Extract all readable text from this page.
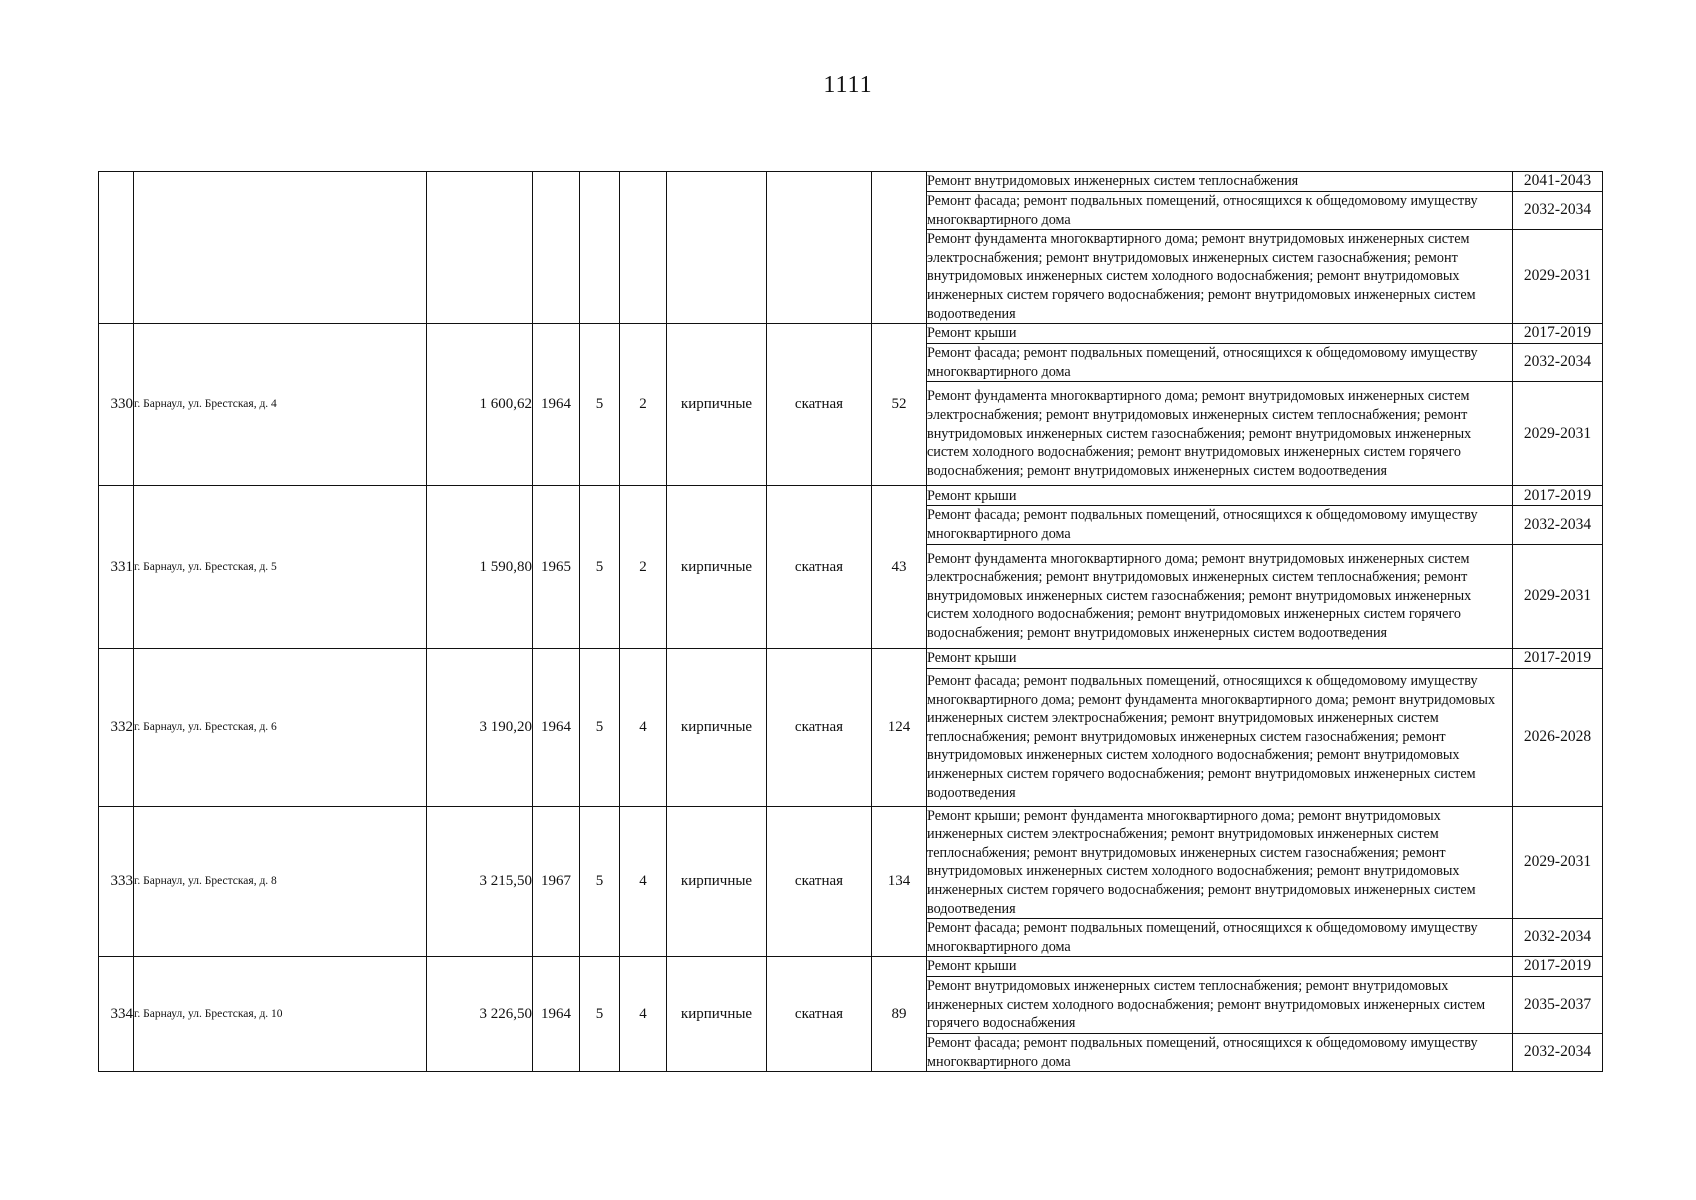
1111
									Ремонт внутридомовых инженерных систем теплоснабжения	2041-2043
									Ремонт фасада; ремонт подвальных помещений, относящихся к общедомовому имуществу многоквартирного дома	2032-2034
									Ремонт фундамента многоквартирного дома; ремонт внутридомовых инженерных систем электроснабжения; ремонт внутридомовых инженерных систем газоснабжения; ремонт внутридомовых инженерных систем холодного водоснабжения; ремонт внутридомовых инженерных систем горячего водоснабжения; ремонт внутридомовых инженерных систем водоотведения	2029-2031
330	г. Барнаул, ул. Брестская, д. 4	1 600,62	1964	5	2	кирпичные	скатная	52	Ремонт крыши	2017-2019
									Ремонт фасада; ремонт подвальных помещений, относящихся к общедомовому имуществу многоквартирного дома	2032-2034
									Ремонт фундамента многоквартирного дома; ремонт внутридомовых инженерных систем электроснабжения; ремонт внутридомовых инженерных систем теплоснабжения; ремонт внутридомовых инженерных систем газоснабжения; ремонт внутридомовых инженерных систем холодного водоснабжения; ремонт внутридомовых инженерных систем горячего водоснабжения; ремонт внутридомовых инженерных систем водоотведения	2029-2031
331	г. Барнаул, ул. Брестская, д. 5	1 590,80	1965	5	2	кирпичные	скатная	43	Ремонт крыши	2017-2019
									Ремонт фасада; ремонт подвальных помещений, относящихся к общедомовому имуществу многоквартирного дома	2032-2034
									Ремонт фундамента многоквартирного дома; ремонт внутридомовых инженерных систем электроснабжения; ремонт внутридомовых инженерных систем теплоснабжения; ремонт внутридомовых инженерных систем газоснабжения; ремонт внутридомовых инженерных систем холодного водоснабжения; ремонт внутридомовых инженерных систем горячего водоснабжения; ремонт внутридомовых инженерных систем водоотведения	2029-2031
332	г. Барнаул, ул. Брестская, д. 6	3 190,20	1964	5	4	кирпичные	скатная	124	Ремонт крыши	2017-2019
									Ремонт фасада; ремонт подвальных помещений, относящихся к общедомовому имуществу многоквартирного дома; ремонт фундамента многоквартирного дома; ремонт внутридомовых инженерных систем электроснабжения; ремонт внутридомовых инженерных систем теплоснабжения; ремонт внутридомовых инженерных систем газоснабжения; ремонт внутридомовых инженерных систем холодного водоснабжения; ремонт внутридомовых инженерных систем горячего водоснабжения; ремонт внутридомовых инженерных систем водоотведения	2026-2028
333	г. Барнаул, ул. Брестская, д. 8	3 215,50	1967	5	4	кирпичные	скатная	134	Ремонт крыши; ремонт фундамента многоквартирного дома; ремонт внутридомовых инженерных систем электроснабжения; ремонт внутридомовых инженерных систем теплоснабжения; ремонт внутридомовых инженерных систем газоснабжения; ремонт внутридомовых инженерных систем холодного водоснабжения; ремонт внутридомовых инженерных систем горячего водоснабжения; ремонт внутридомовых инженерных систем водоотведения	2029-2031
									Ремонт фасада; ремонт подвальных помещений, относящихся к общедомовому имуществу многоквартирного дома	2032-2034
334	г. Барнаул, ул. Брестская, д. 10	3 226,50	1964	5	4	кирпичные	скатная	89	Ремонт крыши	2017-2019
									Ремонт внутридомовых инженерных систем теплоснабжения; ремонт внутридомовых инженерных систем холодного водоснабжения; ремонт внутридомовых инженерных систем горячего водоснабжения	2035-2037
									Ремонт фасада; ремонт подвальных помещений, относящихся к общедомовому имуществу многоквартирного дома	2032-2034
